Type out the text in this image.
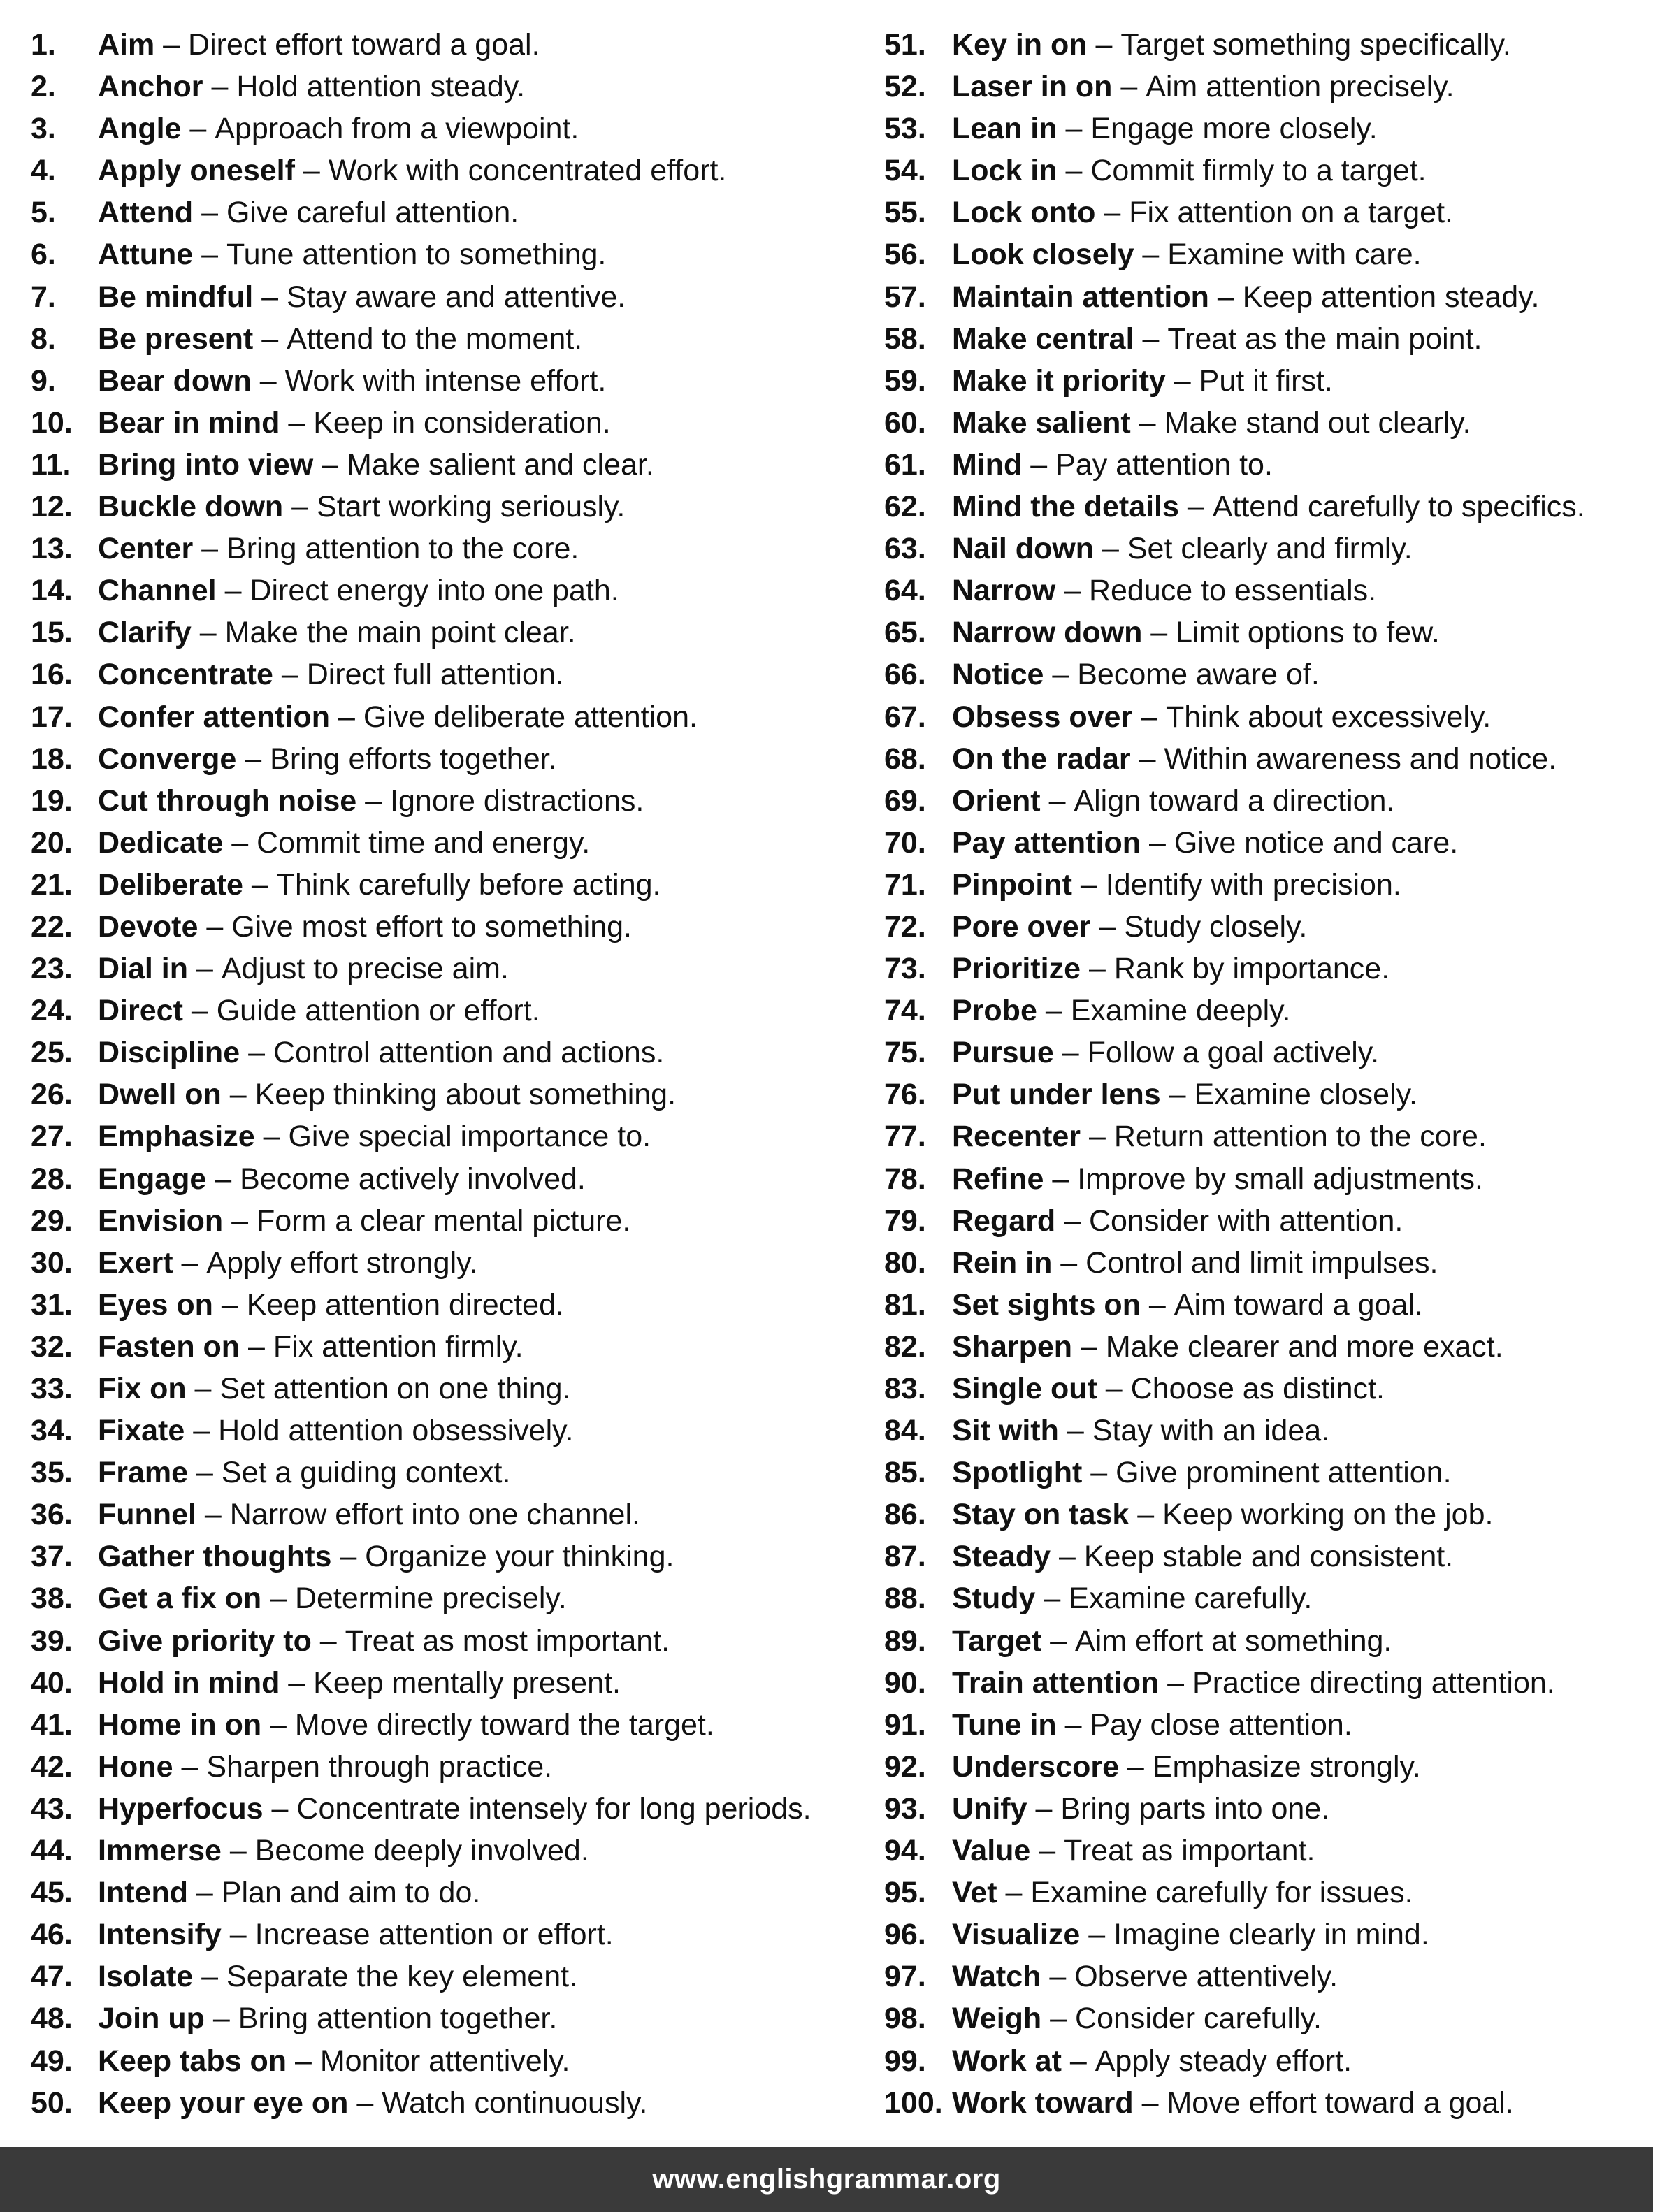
1.	Aim – Direct effort toward a goal.
2.	Anchor – Hold attention steady.
3.	Angle – Approach from a viewpoint.
4.	Apply oneself – Work with concentrated effort.
5.	Attend – Give careful attention.
6.	Attune – Tune attention to something.
7.	Be mindful – Stay aware and attentive.
8.	Be present – Attend to the moment.
9.	Bear down – Work with intense effort.
10. Bear in mind – Keep in consideration.
11. Bring into view – Make salient and clear.
12. Buckle down – Start working seriously.
13. Center – Bring attention to the core.
14. Channel – Direct energy into one path.
15. Clarify – Make the main point clear.
16. Concentrate – Direct full attention.
17. Confer attention – Give deliberate attention.
18. Converge – Bring efforts together.
19. Cut through noise – Ignore distractions.
20. Dedicate – Commit time and energy.
21. Deliberate – Think carefully before acting.
22. Devote – Give most effort to something.
23. Dial in – Adjust to precise aim.
24. Direct – Guide attention or effort.
25. Discipline – Control attention and actions.
26. Dwell on – Keep thinking about something.
27. Emphasize – Give special importance to.
28. Engage – Become actively involved.
29. Envision – Form a clear mental picture.
30. Exert – Apply effort strongly.
31. Eyes on – Keep attention directed.
32. Fasten on – Fix attention firmly.
33. Fix on – Set attention on one thing.
34. Fixate – Hold attention obsessively.
35. Frame – Set a guiding context.
36. Funnel – Narrow effort into one channel.
37. Gather thoughts – Organize your thinking.
38. Get a fix on – Determine precisely.
39. Give priority to – Treat as most important.
40. Hold in mind – Keep mentally present.
41. Home in on – Move directly toward the target.
42. Hone – Sharpen through practice.
43. Hyperfocus – Concentrate intensely for long periods.
44. Immerse – Become deeply involved.
45. Intend – Plan and aim to do.
46. Intensify – Increase attention or effort.
47. Isolate – Separate the key element.
48. Join up – Bring attention together.
49. Keep tabs on – Monitor attentively.
50. Keep your eye on – Watch continuously.
51. Key in on – Target something specifically.
52. Laser in on – Aim attention precisely.
53. Lean in – Engage more closely.
54. Lock in – Commit firmly to a target.
55. Lock onto – Fix attention on a target.
56. Look closely – Examine with care.
57. Maintain attention – Keep attention steady.
58. Make central – Treat as the main point.
59. Make it priority – Put it first.
60. Make salient – Make stand out clearly.
61. Mind – Pay attention to.
62. Mind the details – Attend carefully to specifics.
63. Nail down – Set clearly and firmly.
64. Narrow – Reduce to essentials.
65. Narrow down – Limit options to few.
66. Notice – Become aware of.
67. Obsess over – Think about excessively.
68. On the radar – Within awareness and notice.
69. Orient – Align toward a direction.
70. Pay attention – Give notice and care.
71. Pinpoint – Identify with precision.
72. Pore over – Study closely.
73. Prioritize – Rank by importance.
74. Probe – Examine deeply.
75. Pursue – Follow a goal actively.
76. Put under lens – Examine closely.
77. Recenter – Return attention to the core.
78. Refine – Improve by small adjustments.
79. Regard – Consider with attention.
80. Rein in – Control and limit impulses.
81. Set sights on – Aim toward a goal.
82. Sharpen – Make clearer and more exact.
83. Single out – Choose as distinct.
84. Sit with – Stay with an idea.
85. Spotlight – Give prominent attention.
86. Stay on task – Keep working on the job.
87. Steady – Keep stable and consistent.
88. Study – Examine carefully.
89. Target – Aim effort at something.
90. Train attention – Practice directing attention.
91. Tune in – Pay close attention.
92. Underscore – Emphasize strongly.
93. Unify – Bring parts into one.
94. Value – Treat as important.
95. Vet – Examine carefully for issues.
96. Visualize – Imagine clearly in mind.
97. Watch – Observe attentively.
98. Weigh – Consider carefully.
99. Work at – Apply steady effort.
100. Work toward – Move effort toward a goal.
www.englishgrammar.org
